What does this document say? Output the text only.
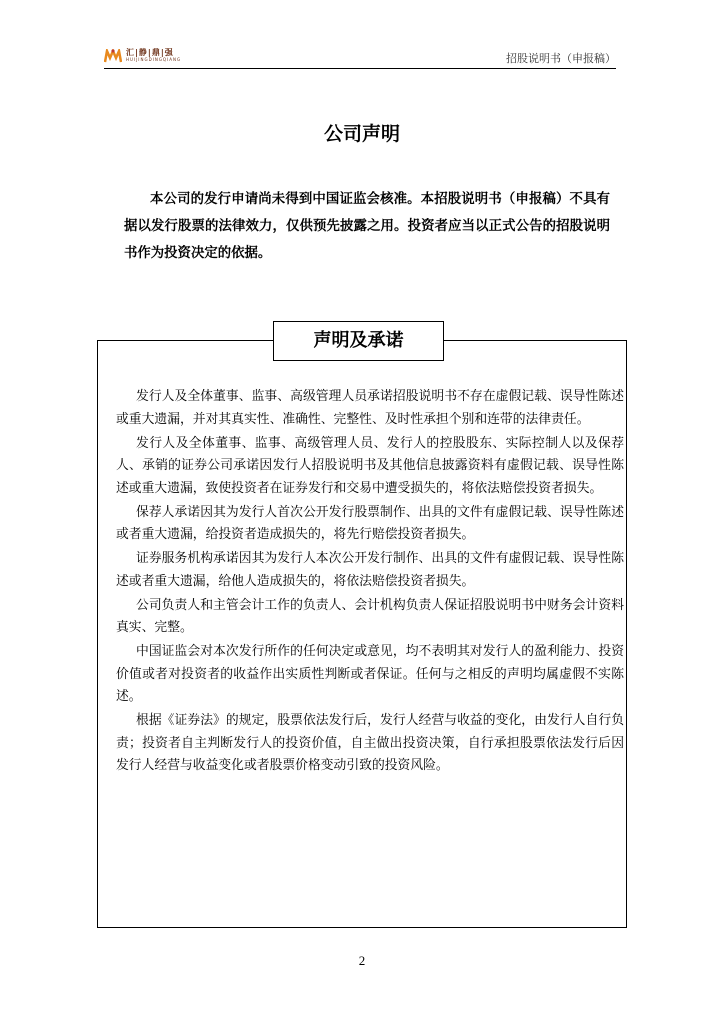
汇|静|鼎|强
HUIJINGDINGQIANG	招股说明书（申报稿）
公司声明

本公司的发行申请尚未得到中国证监会核准。本招股说明书（申报稿）不具有据以发行股票的法律效力，仅供预先披露之用。投资者应当以正式公告的招股说明书作为投资决定的依据。

声明及承诺

发行人及全体董事、监事、高级管理人员承诺招股说明书不存在虚假记载、误导性陈述或重大遗漏，并对其真实性、准确性、完整性、及时性承担个别和连带的法律责任。

发行人及全体董事、监事、高级管理人员、发行人的控股股东、实际控制人以及保荐人、承销的证券公司承诺因发行人招股说明书及其他信息披露资料有虚假记载、误导性陈述或重大遗漏，致使投资者在证券发行和交易中遭受损失的，将依法赔偿投资者损失。

保荐人承诺因其为发行人首次公开发行股票制作、出具的文件有虚假记载、误导性陈述或者重大遗漏，给投资者造成损失的，将先行赔偿投资者损失。

证券服务机构承诺因其为发行人本次公开发行制作、出具的文件有虚假记载、误导性陈述或者重大遗漏，给他人造成损失的，将依法赔偿投资者损失。

公司负责人和主管会计工作的负责人、会计机构负责人保证招股说明书中财务会计资料真实、完整。

中国证监会对本次发行所作的任何决定或意见，均不表明其对发行人的盈利能力、投资价值或者对投资者的收益作出实质性判断或者保证。任何与之相反的声明均属虚假不实陈述。

根据《证券法》的规定，股票依法发行后，发行人经营与收益的变化，由发行人自行负责；投资者自主判断发行人的投资价值，自主做出投资决策，自行承担股票依法发行后因发行人经营与收益变化或者股票价格变动引致的投资风险。

2
